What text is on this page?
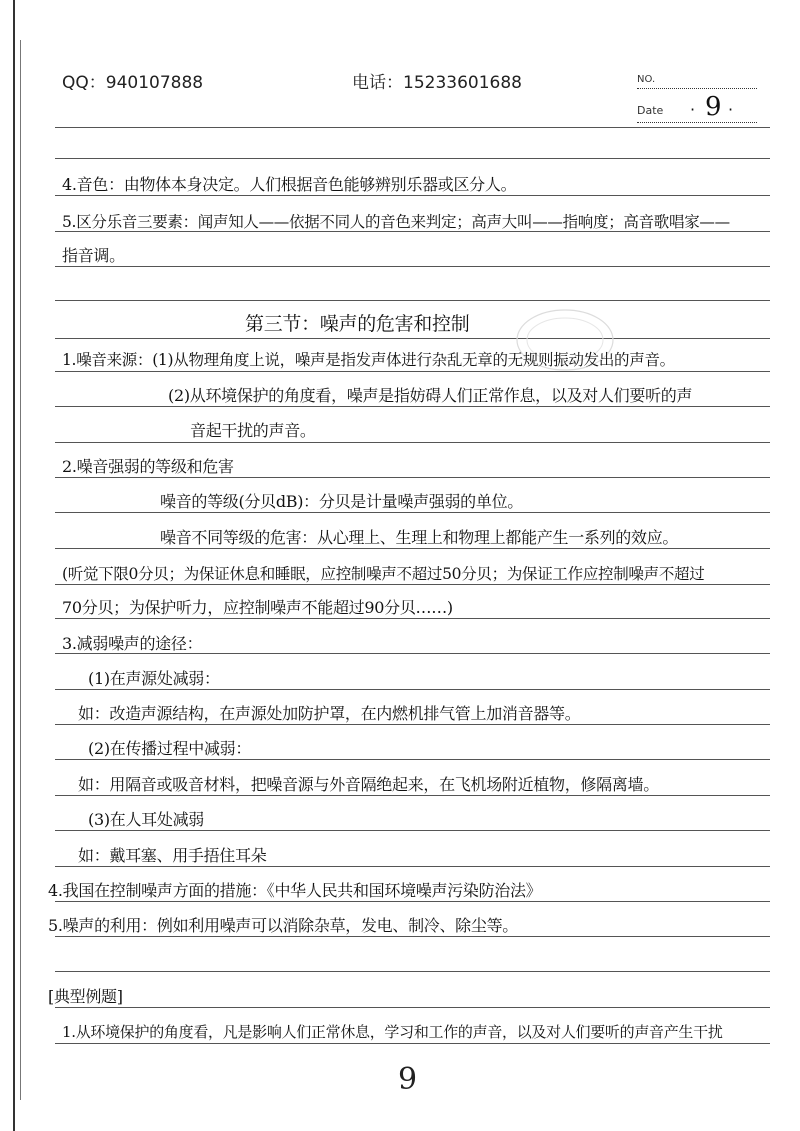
QQ：940107888	电话：15233601688	NO.
Date · 9 ·
4.音色：由物体本身决定。人们根据音色能够辨别乐器或区分人。
5.区分乐音三要素：闻声知人——依据不同人的音色来判定；高声大叫——指响度；高音歌唱家——
指音调。
第三节：噪声的危害和控制
1.噪音来源：(1)从物理角度上说，噪声是指发声体进行杂乱无章的无规则振动发出的声音。
(2)从环境保护的角度看，噪声是指妨碍人们正常作息，以及对人们要听的声
音起干扰的声音。
2.噪音强弱的等级和危害
噪音的等级(分贝dB)：分贝是计量噪声强弱的单位。
噪音不同等级的危害：从心理上、生理上和物理上都能产生一系列的效应。
(听觉下限0分贝；为保证休息和睡眠，应控制噪声不超过50分贝；为保证工作应控制噪声不超过
70分贝；为保护听力，应控制噪声不能超过90分贝……)
3.减弱噪声的途径：
(1)在声源处减弱：
如：改造声源结构，在声源处加防护罩，在内燃机排气管上加消音器等。
(2)在传播过程中减弱：
如：用隔音或吸音材料，把噪音源与外音隔绝起来，在飞机场附近植物，修隔离墙。
(3)在人耳处减弱
如：戴耳塞、用手捂住耳朵
4.我国在控制噪声方面的措施：《中华人民共和国环境噪声污染防治法》
5.噪声的利用：例如利用噪声可以消除杂草，发电、制冷、除尘等。
[典型例题]
1.从环境保护的角度看，凡是影响人们正常休息，学习和工作的声音，以及对人们要听的声音产生干扰
9
